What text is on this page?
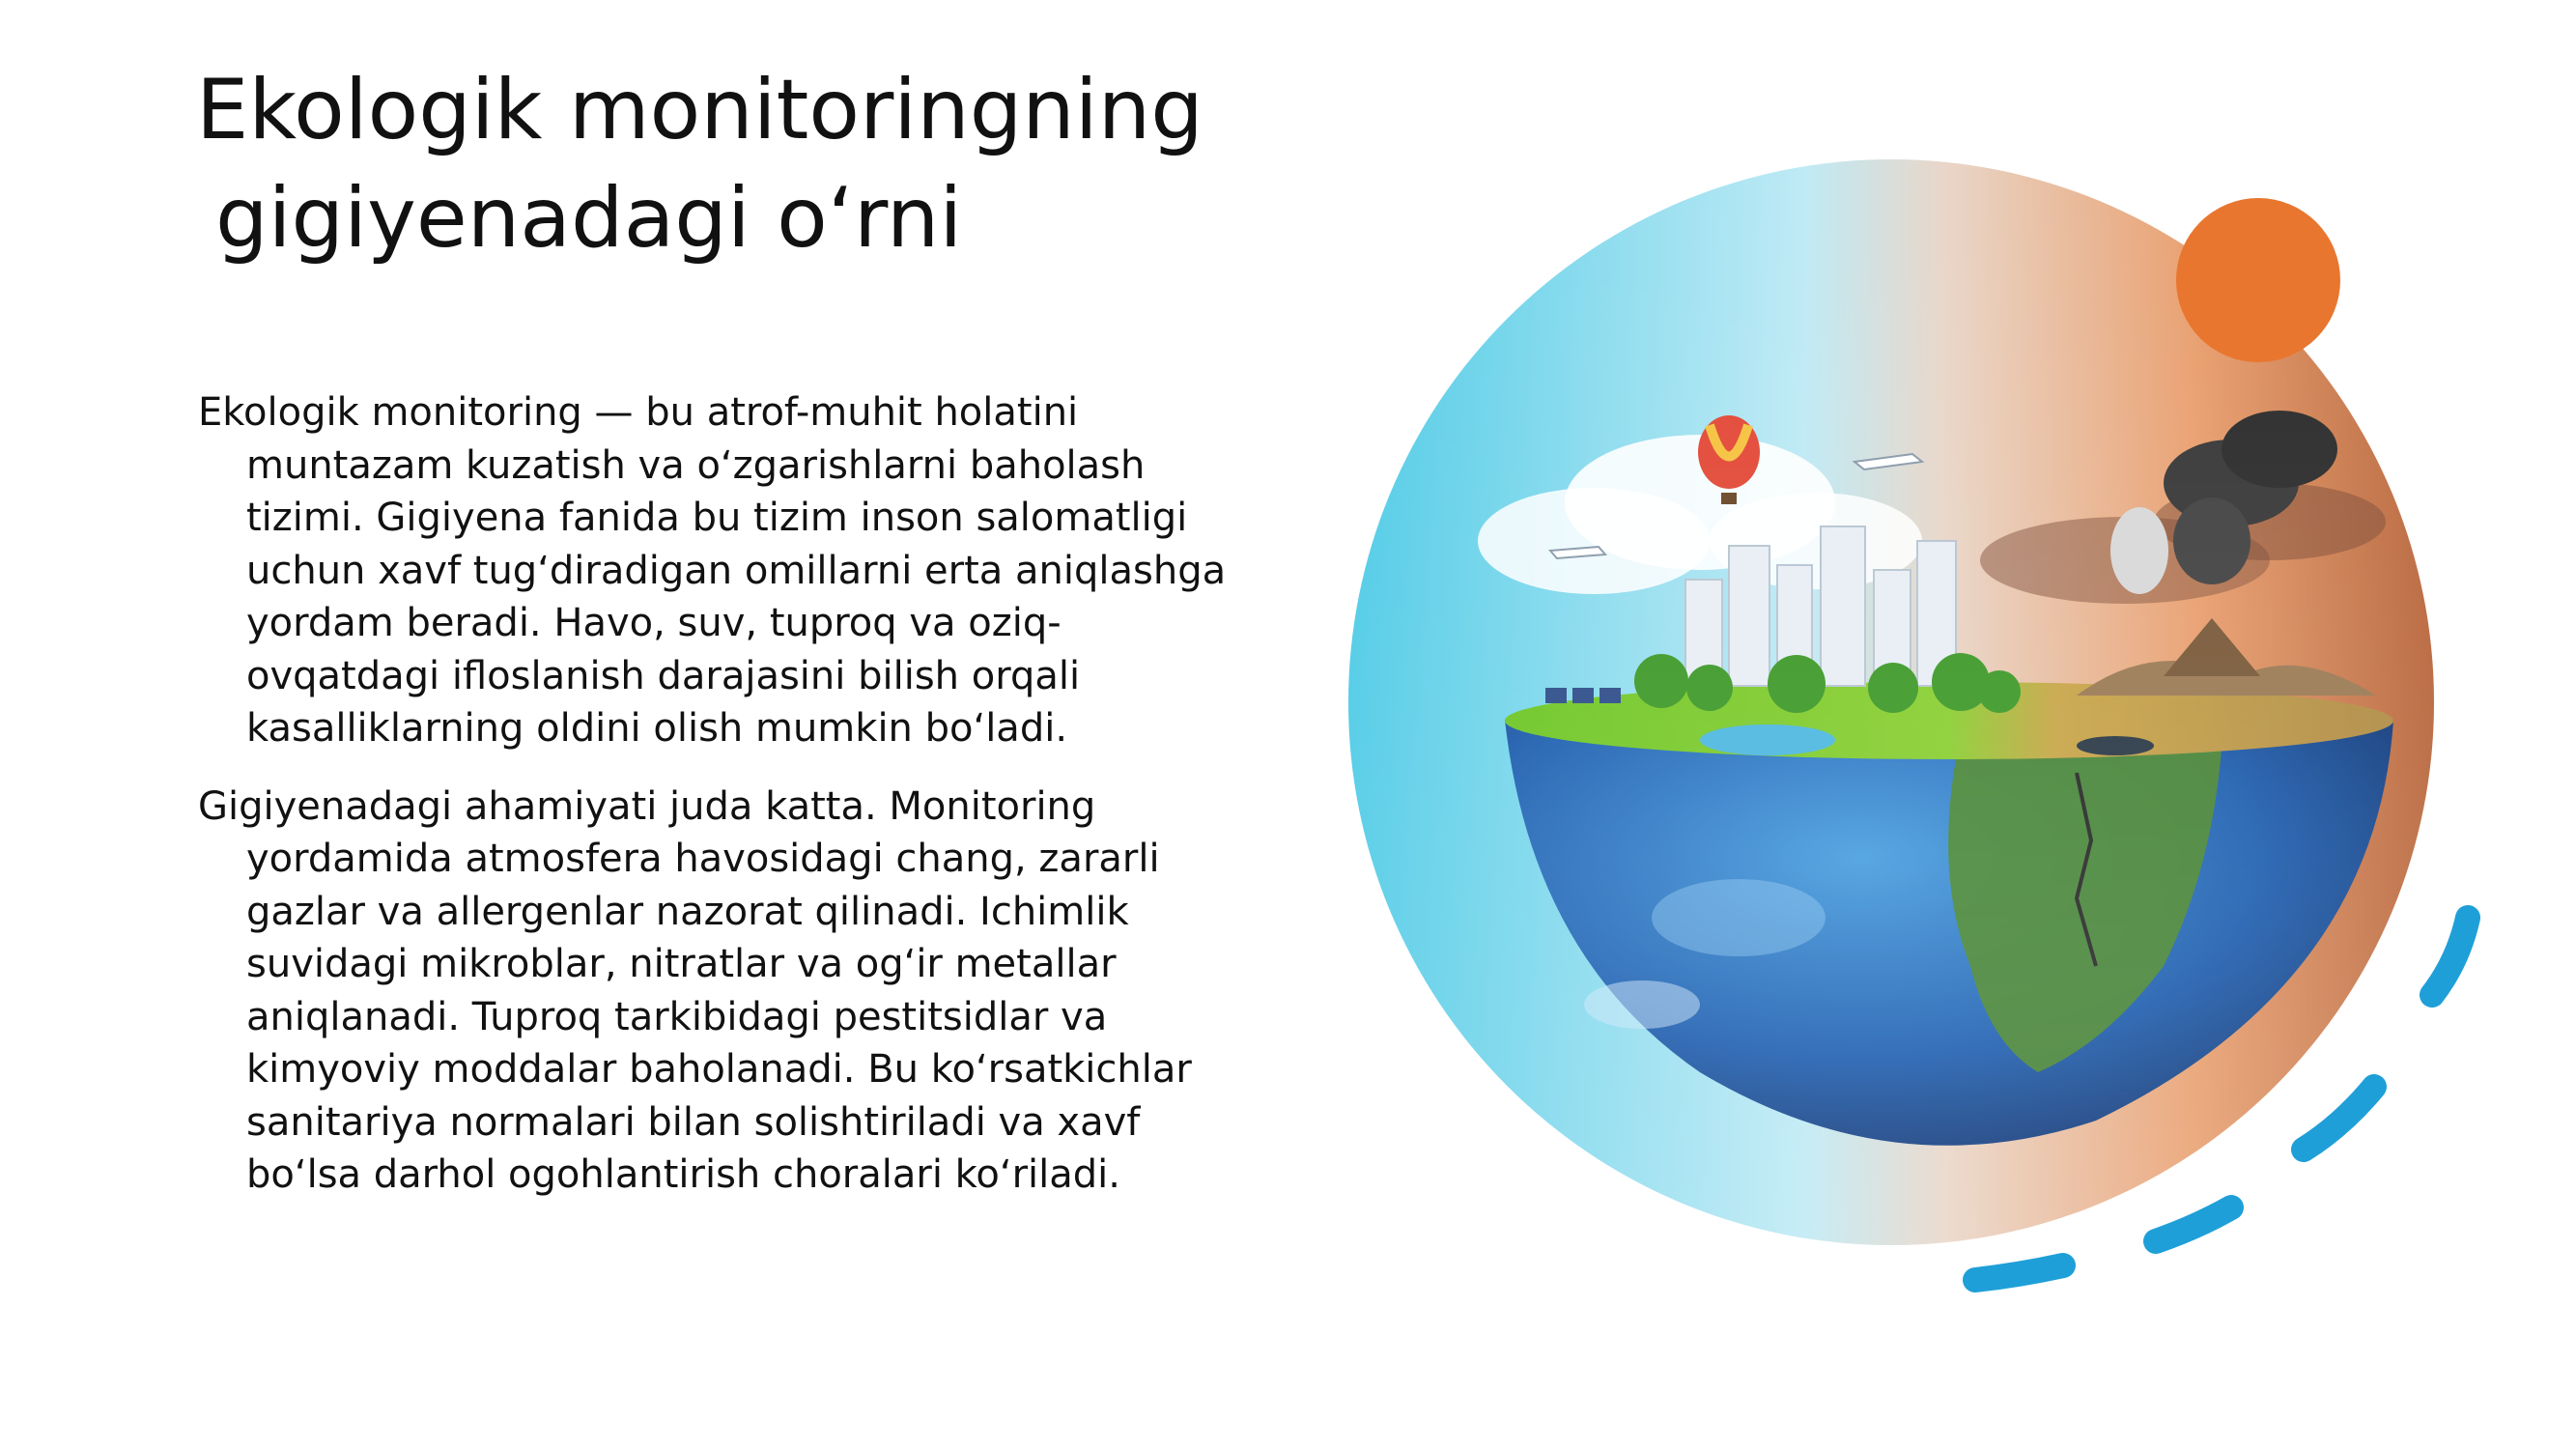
Ekologik monitoringning
gigiyenadagi o‘rni

Ekologik monitoring — bu atrof-muhit holatini
muntazam kuzatish va o‘zgarishlarni baholash
tizimi. Gigiyena fanida bu tizim inson salomatligi
uchun xavf tug‘diradigan omillarni erta aniqlashga
yordam beradi. Havo, suv, tuproq va oziq-
ovqatdagi ifloslanish darajasini bilish orqali
kasalliklarning oldini olish mumkin bo‘ladi.

Gigiyenadagi ahamiyati juda katta. Monitoring
yordamida atmosfera havosidagi chang, zararli
gazlar va allergenlar nazorat qilinadi. Ichimlik
suvidagi mikroblar, nitratlar va og‘ir metallar
aniqlanadi. Tuproq tarkibidagi pestitsidlar va
kimyoviy moddalar baholanadi. Bu ko‘rsatkichlar
sanitariya normalari bilan solishtiriladi va xavf
bo‘lsa darhol ogohlantirish choralari ko‘riladi.
